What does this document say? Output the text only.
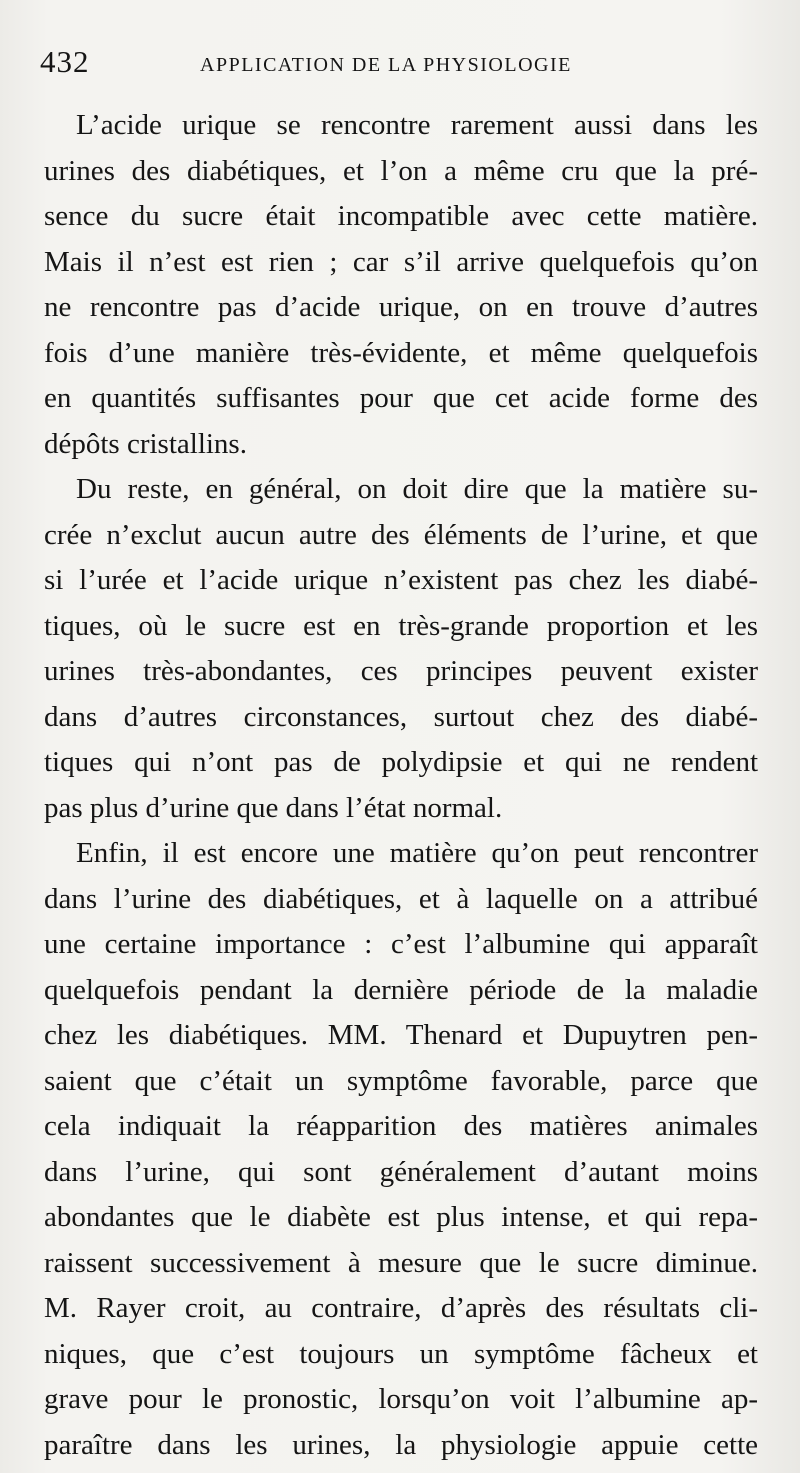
432	APPLICATION DE LA PHYSIOLOGIE

L’acide urique se rencontre rarement aussi dans les
urines des diabétiques, et l’on a même cru que la pré-
sence du sucre était incompatible avec cette matière.
Mais il n’est est rien ; car s’il arrive quelquefois qu’on
ne rencontre pas d’acide urique, on en trouve d’autres
fois d’une manière très-évidente, et même quelquefois
en quantités suffisantes pour que cet acide forme des
dépôts cristallins.

Du reste, en général, on doit dire que la matière su-
crée n’exclut aucun autre des éléments de l’urine, et que
si l’urée et l’acide urique n’existent pas chez les diabé-
tiques, où le sucre est en très-grande proportion et les
urines très-abondantes, ces principes peuvent exister
dans d’autres circonstances, surtout chez des diabé-
tiques qui n’ont pas de polydipsie et qui ne rendent
pas plus d’urine que dans l’état normal.

Enfin, il est encore une matière qu’on peut rencontrer
dans l’urine des diabétiques, et à laquelle on a attribué
une certaine importance : c’est l’albumine qui apparaît
quelquefois pendant la dernière période de la maladie
chez les diabétiques. MM. Thenard et Dupuytren pen-
saient que c’était un symptôme favorable, parce que
cela indiquait la réapparition des matières animales
dans l’urine, qui sont généralement d’autant moins
abondantes que le diabète est plus intense, et qui repa-
raissent successivement à mesure que le sucre diminue.
M. Rayer croit, au contraire, d’après des résultats cli-
niques, que c’est toujours un symptôme fâcheux et
grave pour le pronostic, lorsqu’on voit l’albumine ap-
paraître dans les urines, la physiologie appuie cette
